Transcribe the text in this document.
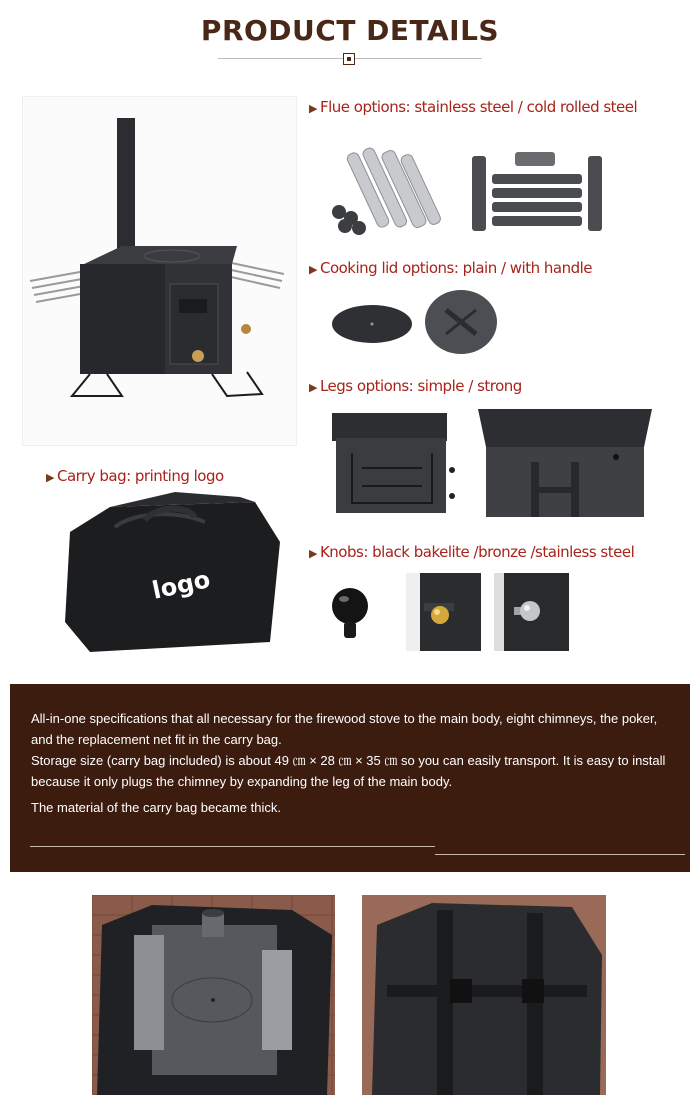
PRODUCT DETAILS
▶ Flue options: stainless steel / cold rolled steel
▶ Cooking lid options: plain / with handle
▶ Legs options: simple / strong
▶ Carry bag: printing logo
logo
▶ Knobs: black bakelite /bronze /stainless steel
All-in-one specifications that all necessary for the firewood stove to the main body, eight chimneys, the poker, and the replacement net fit in the carry bag.
Storage size (carry bag included) is about 49 ㎝ × 28 ㎝ × 35 ㎝ so you can easily transport. It is easy to install because it only plugs the chimney by expanding the leg of the main body.
The material of the carry bag became thick.
